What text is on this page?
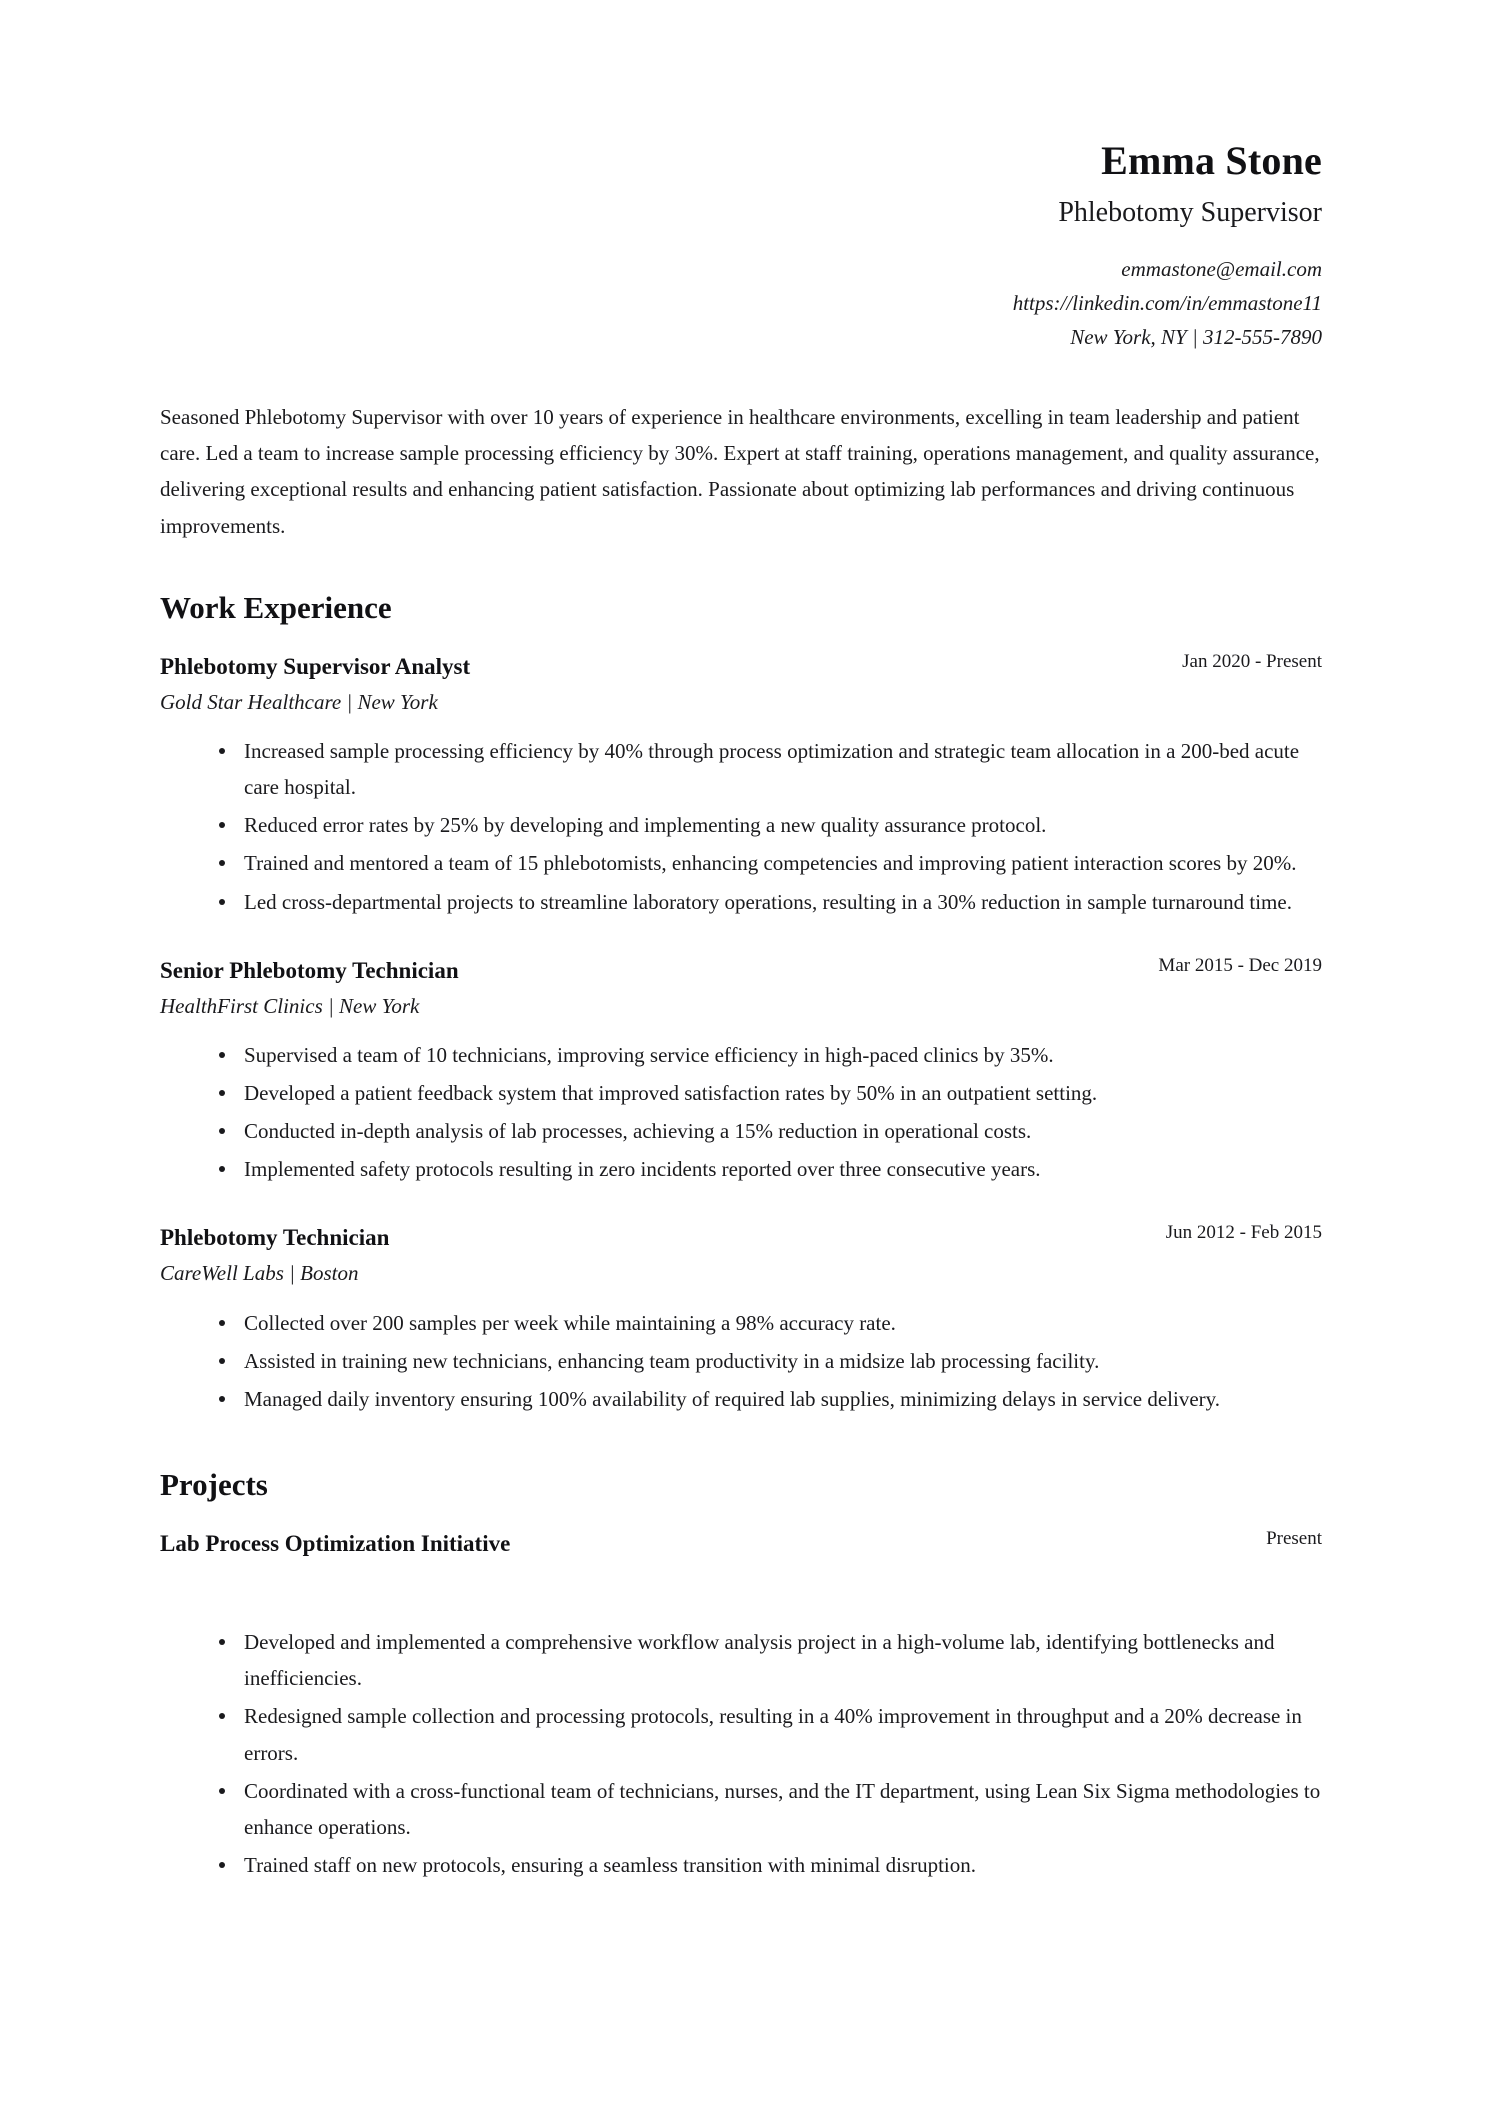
Emma Stone
Phlebotomy Supervisor
emmastone@email.com
https://linkedin.com/in/emmastone11
New York, NY | 312-555-7890
Seasoned Phlebotomy Supervisor with over 10 years of experience in healthcare environments, excelling in team leadership and patient care. Led a team to increase sample processing efficiency by 30%. Expert at staff training, operations management, and quality assurance, delivering exceptional results and enhancing patient satisfaction. Passionate about optimizing lab performances and driving continuous improvements.
Work Experience
Phlebotomy Supervisor Analyst	Jan 2020 - Present
Gold Star Healthcare | New York
Increased sample processing efficiency by 40% through process optimization and strategic team allocation in a 200-bed acute care hospital.
Reduced error rates by 25% by developing and implementing a new quality assurance protocol.
Trained and mentored a team of 15 phlebotomists, enhancing competencies and improving patient interaction scores by 20%.
Led cross-departmental projects to streamline laboratory operations, resulting in a 30% reduction in sample turnaround time.
Senior Phlebotomy Technician	Mar 2015 - Dec 2019
HealthFirst Clinics | New York
Supervised a team of 10 technicians, improving service efficiency in high-paced clinics by 35%.
Developed a patient feedback system that improved satisfaction rates by 50% in an outpatient setting.
Conducted in-depth analysis of lab processes, achieving a 15% reduction in operational costs.
Implemented safety protocols resulting in zero incidents reported over three consecutive years.
Phlebotomy Technician	Jun 2012 - Feb 2015
CareWell Labs | Boston
Collected over 200 samples per week while maintaining a 98% accuracy rate.
Assisted in training new technicians, enhancing team productivity in a midsize lab processing facility.
Managed daily inventory ensuring 100% availability of required lab supplies, minimizing delays in service delivery.
Projects
Lab Process Optimization Initiative	Present
Developed and implemented a comprehensive workflow analysis project in a high-volume lab, identifying bottlenecks and inefficiencies.
Redesigned sample collection and processing protocols, resulting in a 40% improvement in throughput and a 20% decrease in errors.
Coordinated with a cross-functional team of technicians, nurses, and the IT department, using Lean Six Sigma methodologies to enhance operations.
Trained staff on new protocols, ensuring a seamless transition with minimal disruption.
